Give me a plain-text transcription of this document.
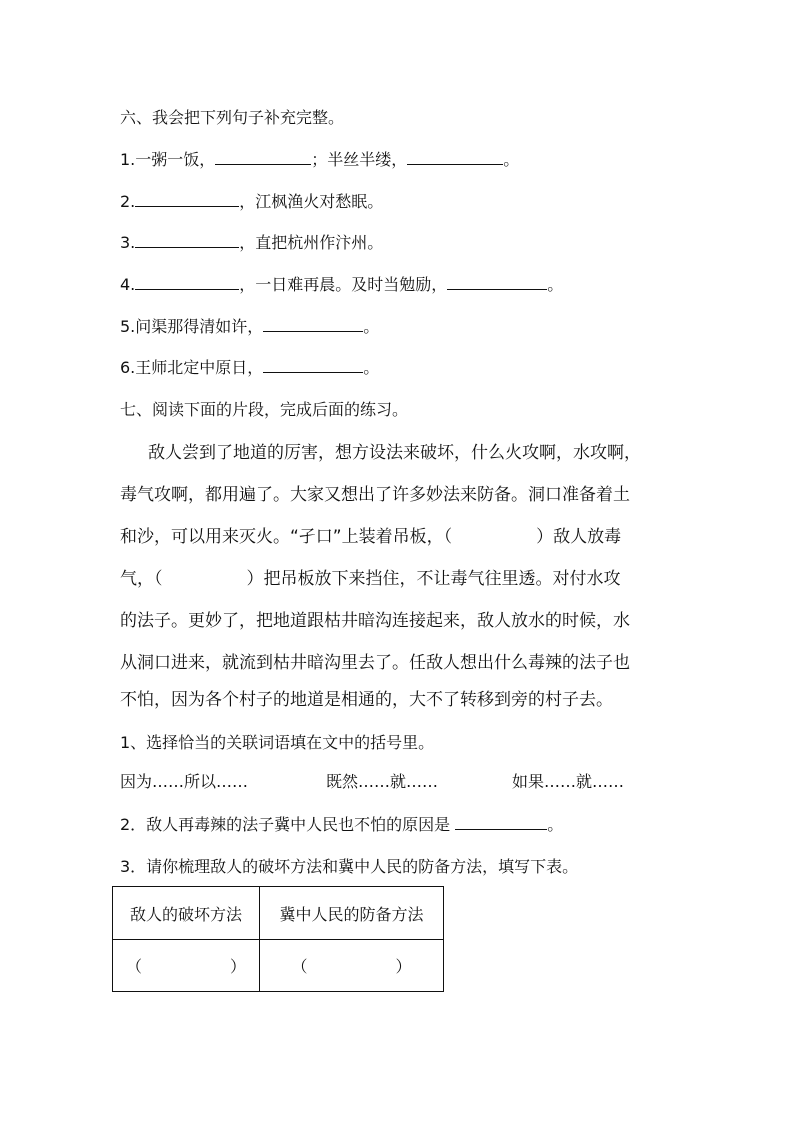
六、我会把下列句子补充完整。
1.一粥一饭，	；半丝半缕，	。
2.	，江枫渔火对愁眠。
3.	，直把杭州作汴州。
4.	，一日难再晨。及时当勉励，	。
5.问渠那得清如许，	。
6.王师北定中原日，	。
七、阅读下面的片段，完成后面的练习。
敌人尝到了地道的厉害，想方设法来破坏，什么火攻啊，水攻啊，
毒气攻啊，都用遍了。大家又想出了许多妙法来防备。洞口准备着土
和沙，可以用来灭火。“孑口”上装着吊板，（	）敌人放毒
气，（	）把吊板放下来挡住，不让毒气往里透。对付水攻
的法子。更妙了，把地道跟枯井暗沟连接起来，敌人放水的时候，水
从洞口进来，就流到枯井暗沟里去了。任敌人想出什么毒辣的法子也
不怕，因为各个村子的地道是相通的，大不了转移到旁的村子去。
1、选择恰当的关联词语填在文中的括号里。
因为……所以……	既然……就……	如果……就……
2．敌人再毒辣的法子冀中人民也不怕的原因是	。
3．请你梳理敌人的破坏方法和冀中人民的防备方法，填写下表。
敌人的破坏方法	冀中人民的防备方法
（ ）	（ ）
